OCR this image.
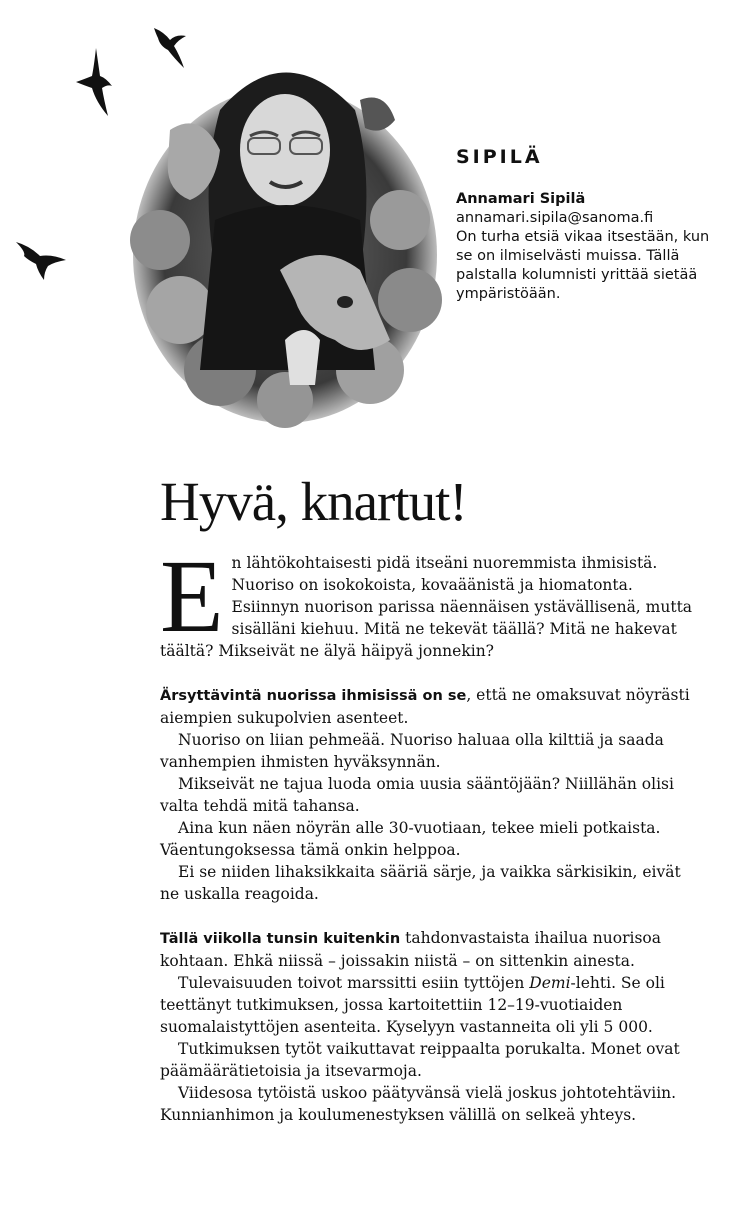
SIPILÄ
Annamari Sipilä
annamari.sipila@sanoma.fi
On turha etsiä vikaa itsestään, kun se on ilmiselvästi muissa. Tällä palstalla kolumnisti yrittää sietää ympäristöään.
Hyvä, knartut!
E n lähtökohtaisesti pidä itseäni nuoremmista ihmisistä. Nuoriso on isokokoista, kovaäänistä ja hiomatonta. Esiinnyn nuorison parissa näennäisen ystävällisenä, mutta sisälläni kiehuu. Mitä ne tekevät täällä? Mitä ne hakevat täältä? Mikseivät ne älyä häipyä jonnekin?

Ärsyttävintä nuorissa ihmisissä on se, että ne omaksuvat nöyrästi aiempien sukupolvien asenteet.

Nuoriso on liian pehmeää. Nuoriso haluaa olla kilttiä ja saada vanhempien ihmisten hyväksynnän.

Mikseivät ne tajua luoda omia uusia sääntöjään? Niillähän olisi valta tehdä mitä tahansa.

Aina kun näen nöyrän alle 30-vuotiaan, tekee mieli potkaista. Väentungoksessa tämä onkin helppoa.

Ei se niiden lihaksikkaita sääriä särje, ja vaikka särkisikin, eivät ne uskalla reagoida.

Tällä viikolla tunsin kuitenkin tahdonvastaista ihailua nuorisoa kohtaan. Ehkä niissä – joissakin niistä – on sittenkin ainesta.

Tulevaisuuden toivot marssitti esiin tyttöjen Demi-lehti. Se oli teettänyt tutkimuksen, jossa kartoitettiin 12–19-vuotiaiden suomalaistyttöjen asenteita. Kyselyyn vastanneita oli yli 5 000.

Tutkimuksen tytöt vaikuttavat reippaalta porukalta. Monet ovat päämäärätietoisia ja itsevarmoja.

Viidesosa tytöistä uskoo päätyvänsä vielä joskus johtotehtäviin. Kunnianhimon ja koulumenestyksen välillä on selkeä yhteys.
